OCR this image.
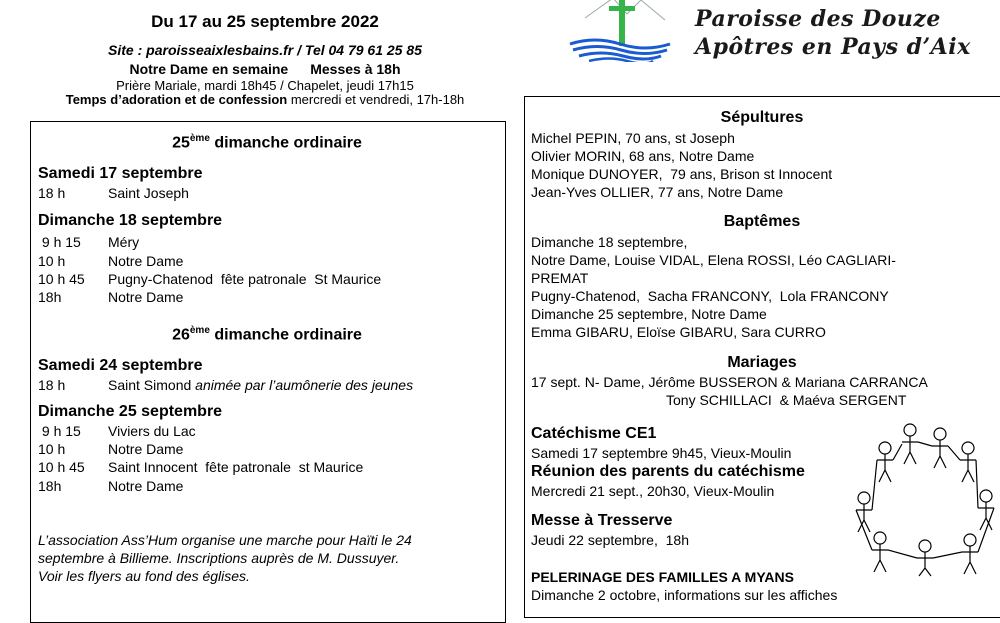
Du 17 au 25 septembre 2022
Site : paroisseaixlesbains.fr / Tel 04 79 61 25 85
Notre Dame en semaine Messes à 18h
Prière Mariale, mardi 18h45 / Chapelet, jeudi 17h15
Temps d’adoration et de confession mercredi et vendredi, 17h-18h
Paroisse des Douze
Apôtres en Pays d’Aix
25ème dimanche ordinaire
Samedi 17 septembre
18 h	Saint Joseph
Dimanche 18 septembre
9 h 15 Méry
10 h	Notre Dame
10 h 45 Pugny-Chatenod  fête patronale  St Maurice
18h	Notre Dame
26ème dimanche ordinaire
Samedi 24 septembre
18 h	Saint Simond animée par l’aumônerie des jeunes
Dimanche 25 septembre
9 h 15 Viviers du Lac
10 h	Notre Dame
10 h 45 Saint Innocent  fête patronale  st Maurice
18h	Notre Dame
L’association Ass’Hum organise une marche pour Haïti le 24
septembre à Billieme. Inscriptions auprès de M. Dussuyer.
Voir les flyers au fond des églises.
Sépultures
Michel PEPIN, 70 ans, st Joseph
Olivier MORIN, 68 ans, Notre Dame
Monique DUNOYER,  79 ans, Brison st Innocent
Jean-Yves OLLIER, 77 ans, Notre Dame
Baptêmes
Dimanche 18 septembre,
Notre Dame, Louise VIDAL, Elena ROSSI, Léo CAGLIARI-
PREMAT
Pugny-Chatenod,  Sacha FRANCONY,  Lola FRANCONY
Dimanche 25 septembre, Notre Dame
Emma GIBARU, Eloïse GIBARU, Sara CURRO
Mariages
17 sept. N- Dame, Jérôme BUSSERON & Mariana CARRANCA
Tony SCHILLACI  & Maéva SERGENT
Catéchisme CE1
Samedi 17 septembre 9h45, Vieux-Moulin
Réunion des parents du catéchisme
Mercredi 21 sept., 20h30, Vieux-Moulin
Messe à Tresserve
Jeudi 22 septembre,  18h
PELERINAGE DES FAMILLES A MYANS
Dimanche 2 octobre, informations sur les affiches
